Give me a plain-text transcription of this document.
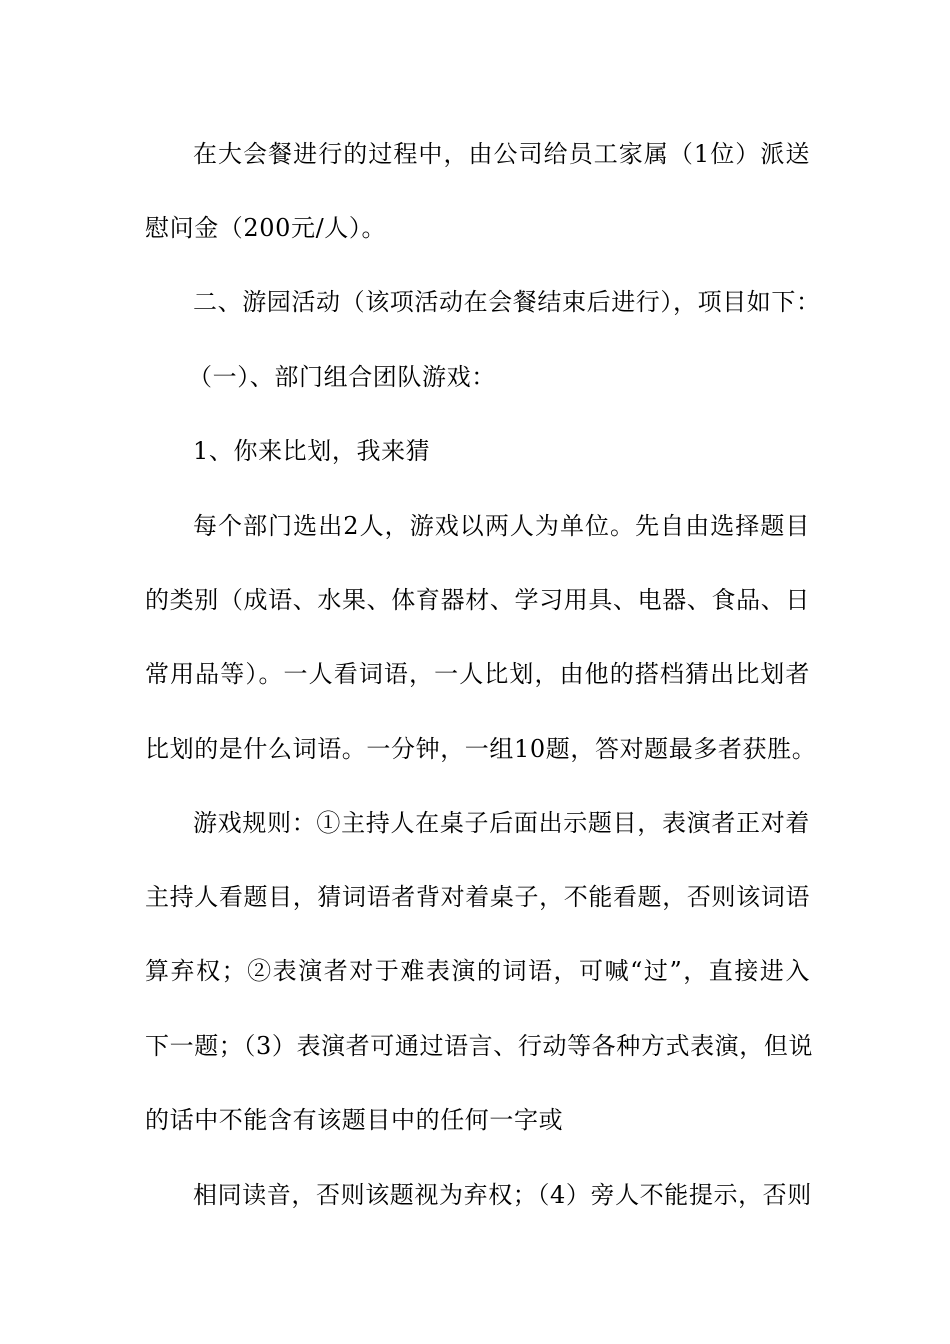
在大会餐进行的过程中，由公司给员工家属（1位）派送
慰问金（200元/人）。
二、游园活动（该项活动在会餐结束后进行），项目如下：
（一）、部门组合团队游戏：
1、你来比划，我来猜
每个部门选出2人，游戏以两人为单位。先自由选择题目
的类别（成语、水果、体育器材、学习用具、电器、食品、日
常用品等）。一人看词语，一人比划，由他的搭档猜出比划者
比划的是什么词语。一分钟，一组10题，答对题最多者获胜。
游戏规则：①主持人在桌子后面出示题目，表演者正对着
主持人看题目，猜词语者背对着桌子，不能看题，否则该词语
算弃权；②表演者对于难表演的词语，可喊“过”，直接进入
下一题；（3）表演者可通过语言、行动等各种方式表演，但说
的话中不能含有该题目中的任何一字或
相同读音，否则该题视为弃权；（4）旁人不能提示，否则
